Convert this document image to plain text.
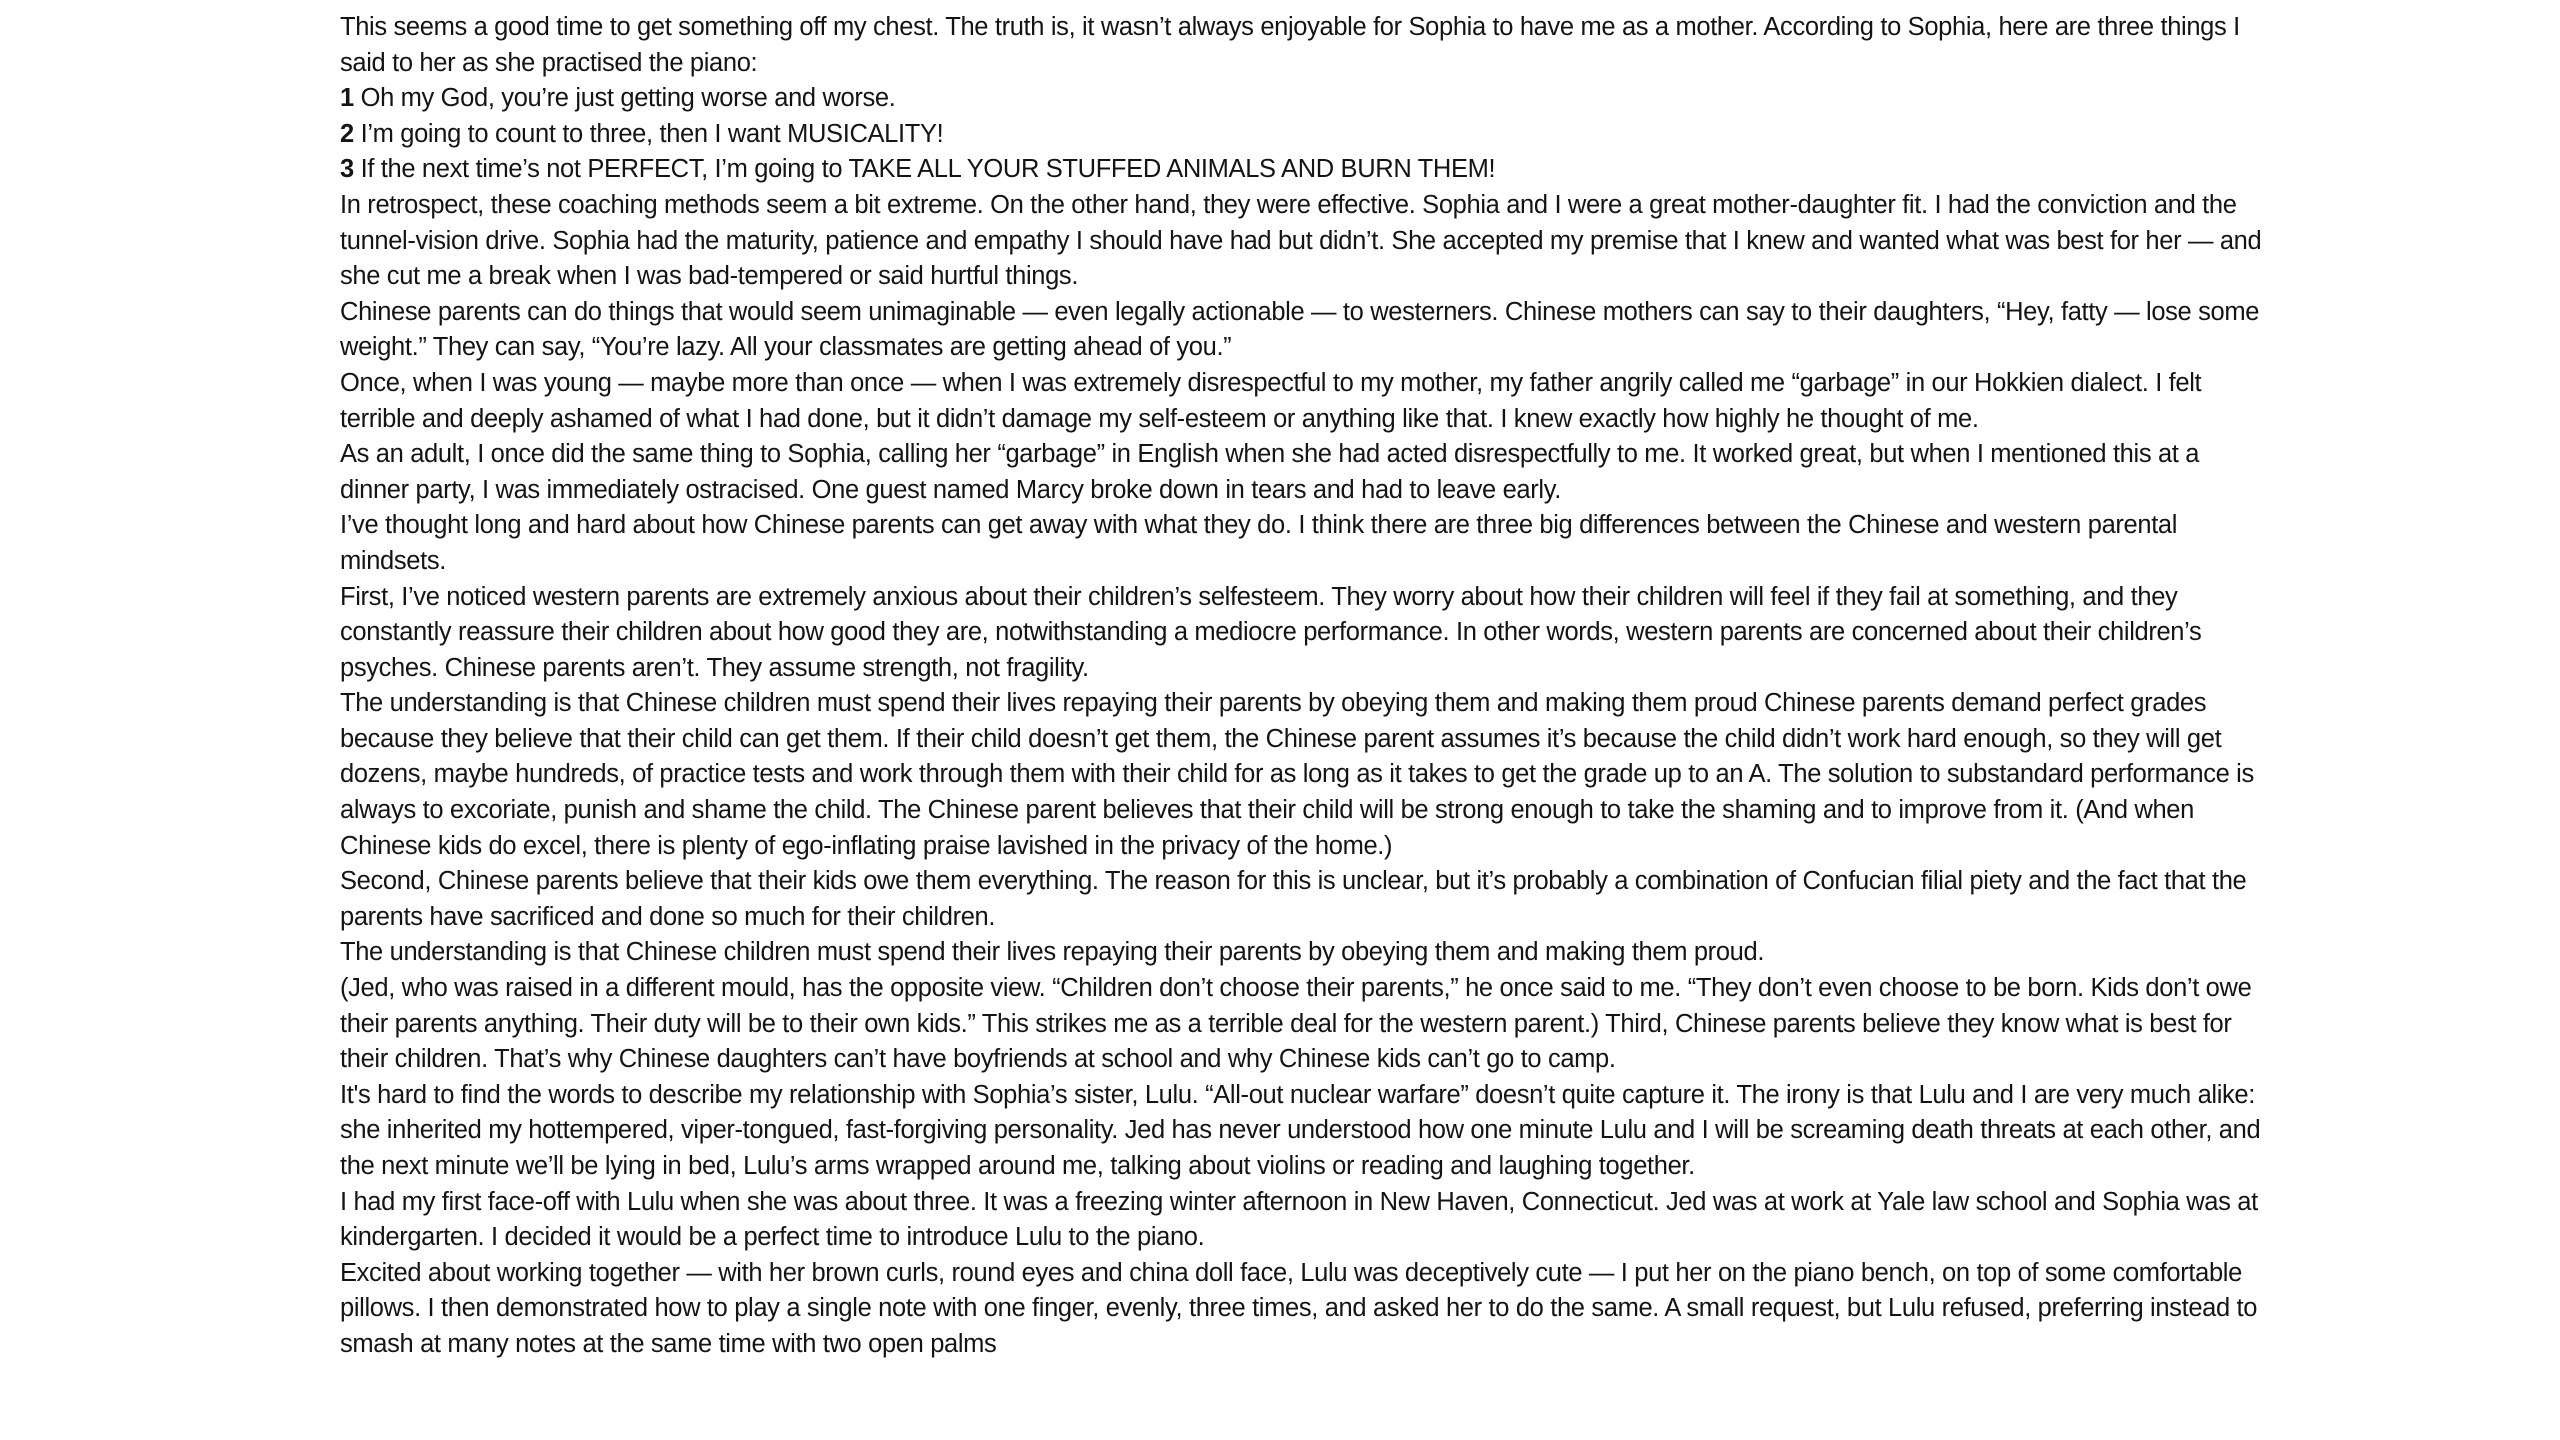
This seems a good time to get something off my chest. The truth is, it wasn’t always enjoyable for Sophia to have me as a mother. According to Sophia, here are three things I said to her as she practised the piano:

1 Oh my God, you’re just getting worse and worse.

2 I’m going to count to three, then I want MUSICALITY!

3 If the next time’s not PERFECT, I’m going to TAKE ALL YOUR STUFFED ANIMALS AND BURN THEM!

In retrospect, these coaching methods seem a bit extreme. On the other hand, they were effective. Sophia and I were a great mother-daughter fit. I had the conviction and the tunnel-vision drive. Sophia had the maturity, patience and empathy I should have had but didn’t. She accepted my premise that I knew and wanted what was best for her — and she cut me a break when I was bad-tempered or said hurtful things.

Chinese parents can do things that would seem unimaginable — even legally actionable — to westerners. Chinese mothers can say to their daughters, “Hey, fatty — lose some weight.” They can say, “You’re lazy. All your classmates are getting ahead of you.”

Once, when I was young — maybe more than once — when I was extremely disrespectful to my mother, my father angrily called me “garbage” in our Hokkien dialect. I felt terrible and deeply ashamed of what I had done, but it didn’t damage my self-esteem or anything like that. I knew exactly how highly he thought of me.

As an adult, I once did the same thing to Sophia, calling her “garbage” in English when she had acted disrespectfully to me. It worked great, but when I mentioned this at a dinner party, I was immediately ostracised. One guest named Marcy broke down in tears and had to leave early.

I’ve thought long and hard about how Chinese parents can get away with what they do. I think there are three big differences between the Chinese and western parental mindsets.

First, I’ve noticed western parents are extremely anxious about their children’s selfesteem. They worry about how their children will feel if they fail at something, and they constantly reassure their children about how good they are, notwithstanding a mediocre performance. In other words, western parents are concerned about their children’s psyches. Chinese parents aren’t. They assume strength, not fragility.

The understanding is that Chinese children must spend their lives repaying their parents by obeying them and making them proud Chinese parents demand perfect grades because they believe that their child can get them. If their child doesn’t get them, the Chinese parent assumes it’s because the child didn’t work hard enough, so they will get dozens, maybe hundreds, of practice tests and work through them with their child for as long as it takes to get the grade up to an A. The solution to substandard performance is always to excoriate, punish and shame the child. The Chinese parent believes that their child will be strong enough to take the shaming and to improve from it. (And when Chinese kids do excel, there is plenty of ego-inflating praise lavished in the privacy of the home.)

Second, Chinese parents believe that their kids owe them everything. The reason for this is unclear, but it’s probably a combination of Confucian filial piety and the fact that the parents have sacrificed and done so much for their children.

The understanding is that Chinese children must spend their lives repaying their parents by obeying them and making them proud.

(Jed, who was raised in a different mould, has the opposite view. “Children don’t choose their parents,” he once said to me. “They don’t even choose to be born. Kids don’t owe their parents anything. Their duty will be to their own kids.” This strikes me as a terrible deal for the western parent.) Third, Chinese parents believe they know what is best for their children. That’s why Chinese daughters can’t have boyfriends at school and why Chinese kids can’t go to camp.

It's hard to find the words to describe my relationship with Sophia’s sister, Lulu. “All-out nuclear warfare” doesn’t quite capture it. The irony is that Lulu and I are very much alike: she inherited my hottempered, viper-tongued, fast-forgiving personality. Jed has never understood how one minute Lulu and I will be screaming death threats at each other, and the next minute we’ll be lying in bed, Lulu’s arms wrapped around me, talking about violins or reading and laughing together.

I had my first face-off with Lulu when she was about three. It was a freezing winter afternoon in New Haven, Connecticut. Jed was at work at Yale law school and Sophia was at kindergarten. I decided it would be a perfect time to introduce Lulu to the piano.

Excited about working together — with her brown curls, round eyes and china doll face, Lulu was deceptively cute — I put her on the piano bench, on top of some comfortable pillows. I then demonstrated how to play a single note with one finger, evenly, three times, and asked her to do the same. A small request, but Lulu refused, preferring instead to smash at many notes at the same time with two open palms
